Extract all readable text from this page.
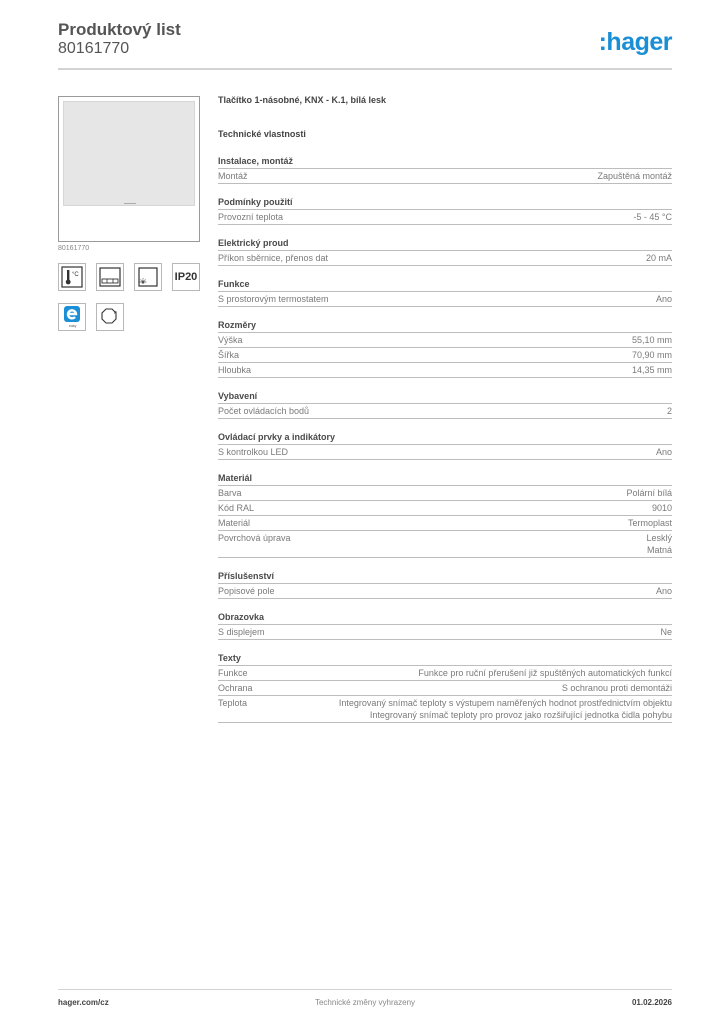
Produktový list
80161770	:hager
80161770
°C	IP20
easy
n
Tlačítko 1-násobné, KNX - K.1, bílá lesk
Technické vlastnosti
Instalace, montáž
Montáž	Zapuštěná montáž
Podmínky použití
Provozní teplota	-5 - 45 °C
Elektrický proud
Příkon sběrnice, přenos dat	20 mA
Funkce
S prostorovým termostatem	Ano
Rozměry
Výška	55,10 mm
Šířka	70,90 mm
Hloubka	14,35 mm
Vybavení
Počet ovládacích bodů	2
Ovládací prvky a indikátory
S kontrolkou LED	Ano
Materiál
Barva	Polární bílá
Kód RAL	9010
Materiál	Termoplast
Povrchová úprava	Lesklý
Matná
Příslušenství
Popisové pole	Ano
Obrazovka
S displejem	Ne
Texty
Funkce	Funkce pro ruční přerušení již spuštěných automatických funkcí
Ochrana	S ochranou proti demontáži
Teplota	Integrovaný snímač teploty s výstupem naměřených hodnot prostřednictvím objektu
Integrovaný snímač teploty pro provoz jako rozšiřující jednotka čidla pohybu
hager.com/cz	Technické změny vyhrazeny	01.02.2026
